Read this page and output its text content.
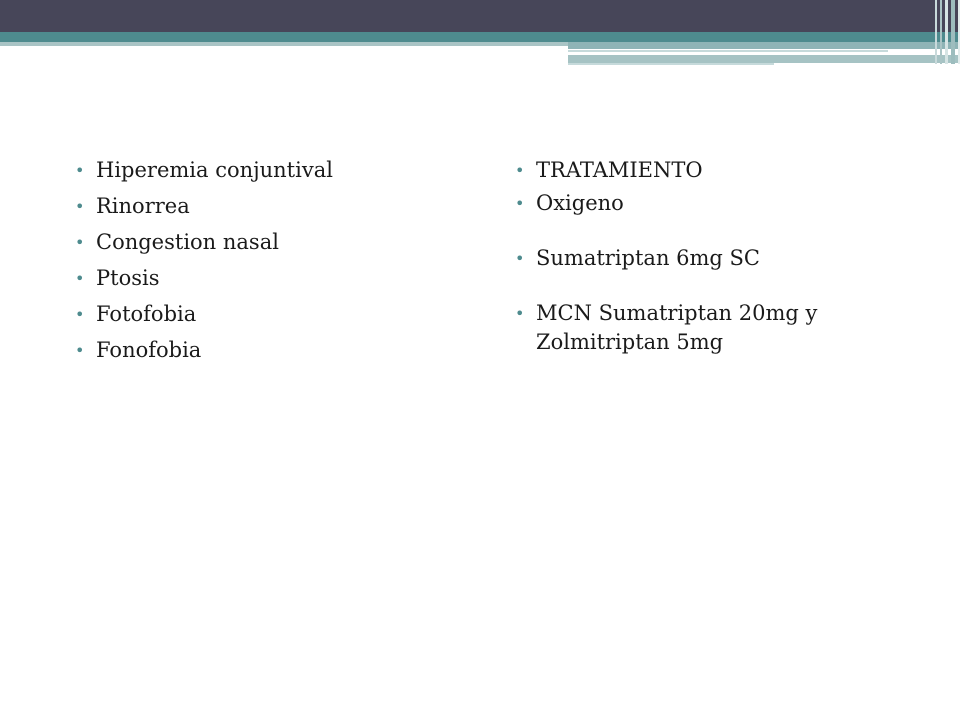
• Hiperemia conjuntival
• Rinorrea
• Congestion nasal
• Ptosis
• Fotofobia
• Fonofobia
• TRATAMIENTO
• Oxigeno
• Sumatriptan 6mg SC
• MCN Sumatriptan 20mg y Zolmitriptan 5mg
